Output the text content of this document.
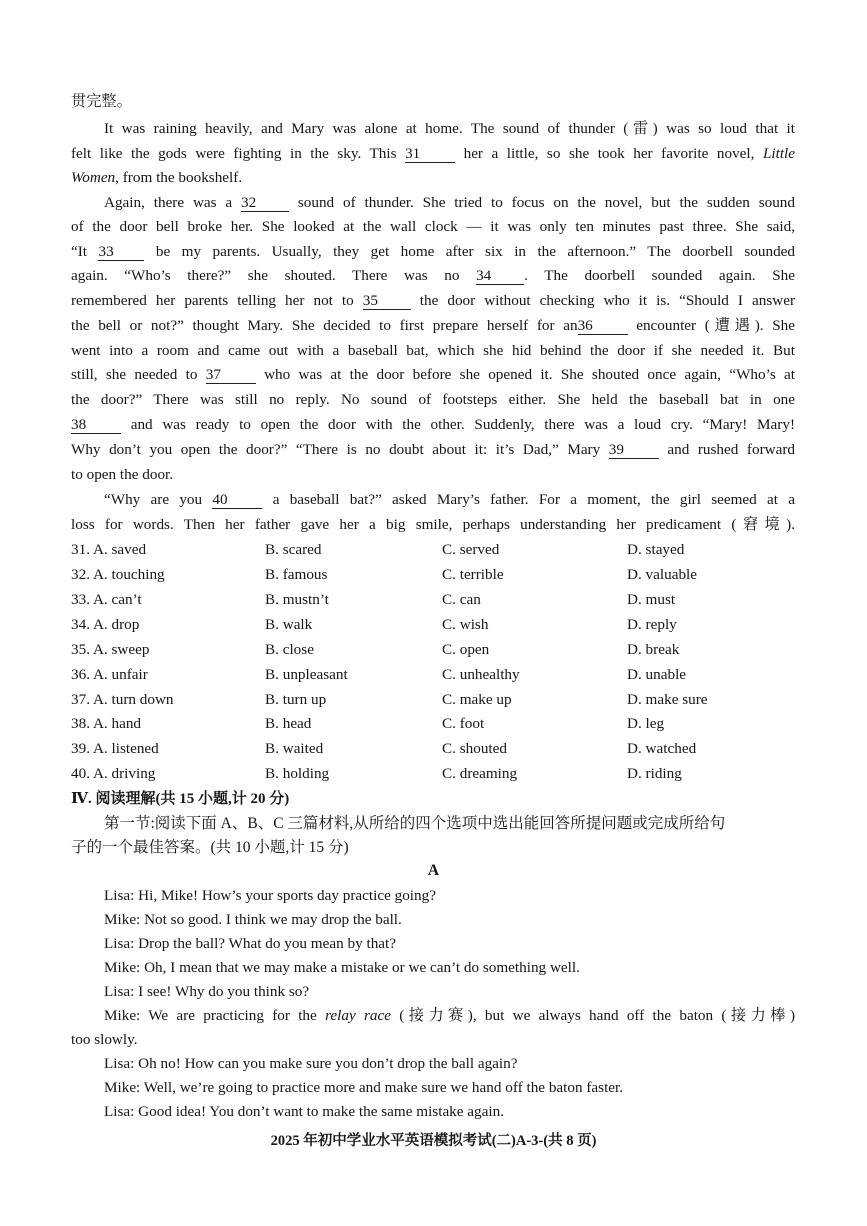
贯完整。
It was raining heavily, and Mary was alone at home. The sound of thunder (雷) was so loud that it
felt like the gods were fighting in the sky. This 31	her a little, so she took her favorite novel, Little
Women, from the bookshelf.
Again, there was a 32	sound of thunder. She tried to focus on the novel, but the sudden sound
of the door bell broke her. She looked at the wall clock — it was only ten minutes past three. She said,
“It 33	be my parents. Usually, they get home after six in the afternoon.” The doorbell sounded
again. “Who’s there?” she shouted. There was no 34 . The doorbell sounded again. She
remembered her parents telling her not to 35	the door without checking who it is. “Should I answer
the bell or not?” thought Mary. She decided to first prepare herself for an36	encounter (遭遇). She
went into a room and came out with a baseball bat, which she hid behind the door if she needed it. But
still, she needed to 37	who was at the door before she opened it. She shouted once again, “Who’s at
the door?” There was still no reply. No sound of footsteps either. She held the baseball bat in one
38	and was ready to open the door with the other. Suddenly, there was a loud cry. “Mary! Mary!
Why don’t you open the door?” “There is no doubt about it: it’s Dad,” Mary 39	and rushed forward
to open the door.
“Why are you 40	a baseball bat?” asked Mary’s father. For a moment, the girl seemed at a
loss for words. Then her father gave her a big smile, perhaps understanding her predicament (窘境).
31. A. saved	B. scared	C. served	D. stayed
32. A. touching	B. famous	C. terrible	D. valuable
33. A. can’t	B. mustn’t	C. can	D. must
34. A. drop	B. walk	C. wish	D. reply
35. A. sweep	B. close	C. open	D. break
36. A. unfair	B. unpleasant	C. unhealthy	D. unable
37. A. turn down	B. turn up	C. make up	D. make sure
38. A. hand	B. head	C. foot	D. leg
39. A. listened	B. waited	C. shouted	D. watched
40. A. driving	B. holding	C. dreaming	D. riding
Ⅳ. 阅读理解(共 15 小题,计 20 分)
第一节:阅读下面 A、B、C 三篇材料,从所给的四个选项中选出能回答所提问题或完成所给句
子的一个最佳答案。(共 10 小题,计 15 分)
A
Lisa: Hi, Mike! How’s your sports day practice going?
Mike: Not so good. I think we may drop the ball.
Lisa: Drop the ball? What do you mean by that?
Mike: Oh, I mean that we may make a mistake or we can’t do something well.
Lisa: I see! Why do you think so?
Mike: We are practicing for the relay race (接力赛), but we always hand off the baton (接力棒)
too slowly.
Lisa: Oh no! How can you make sure you don’t drop the ball again?
Mike: Well, we’re going to practice more and make sure we hand off the baton faster.
Lisa: Good idea! You don’t want to make the same mistake again.
2025 年初中学业水平英语模拟考试(二)A-3-(共 8 页)
